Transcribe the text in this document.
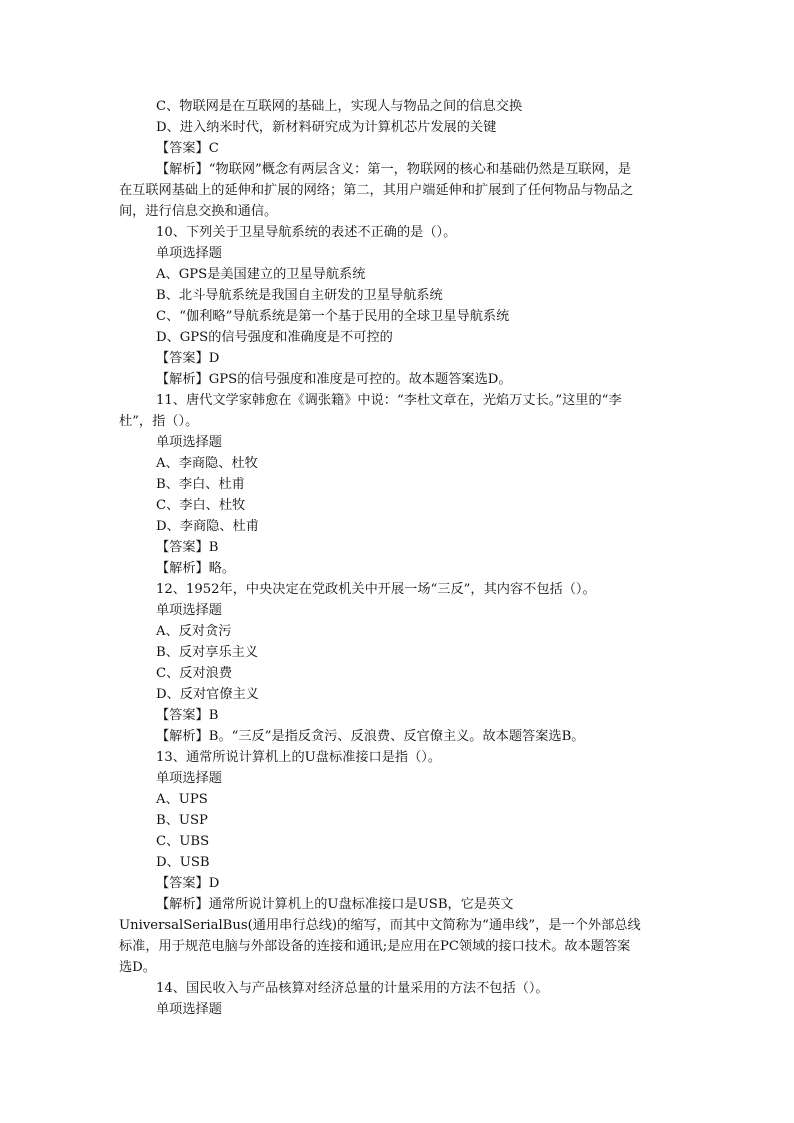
C、物联网是在互联网的基础上，实现人与物品之间的信息交换
D、进入纳米时代，新材料研究成为计算机芯片发展的关键
【答案】C
【解析】“物联网”概念有两层含义：第一，物联网的核心和基础仍然是互联网，是
在互联网基础上的延伸和扩展的网络；第二，其用户端延伸和扩展到了任何物品与物品之
间，进行信息交换和通信。
10、下列关于卫星导航系统的表述不正确的是（）。
单项选择题
A、GPS是美国建立的卫星导航系统
B、北斗导航系统是我国自主研发的卫星导航系统
C、“伽利略”导航系统是第一个基于民用的全球卫星导航系统
D、GPS的信号强度和准确度是不可控的
【答案】D
【解析】GPS的信号强度和准度是可控的。故本题答案选D。
11、唐代文学家韩愈在《调张籍》中说：“李杜文章在，光焰万丈长。”这里的“李
杜”，指（）。
单项选择题
A、李商隐、杜牧
B、李白、杜甫
C、李白、杜牧
D、李商隐、杜甫
【答案】B
【解析】略。
12、1952年，中央决定在党政机关中开展一场“三反”，其内容不包括（）。
单项选择题
A、反对贪污
B、反对享乐主义
C、反对浪费
D、反对官僚主义
【答案】B
【解析】B。“三反”是指反贪污、反浪费、反官僚主义。故本题答案选B。
13、通常所说计算机上的U盘标准接口是指（）。
单项选择题
A、UPS
B、USP
C、UBS
D、USB
【答案】D
【解析】通常所说计算机上的U盘标准接口是USB，它是英文
UniversalSerialBus(通用串行总线)的缩写，而其中文简称为“通串线”，是一个外部总线
标准，用于规范电脑与外部设备的连接和通讯;是应用在PC领域的接口技术。故本题答案
选D。
14、国民收入与产品核算对经济总量的计量采用的方法不包括（）。
单项选择题
